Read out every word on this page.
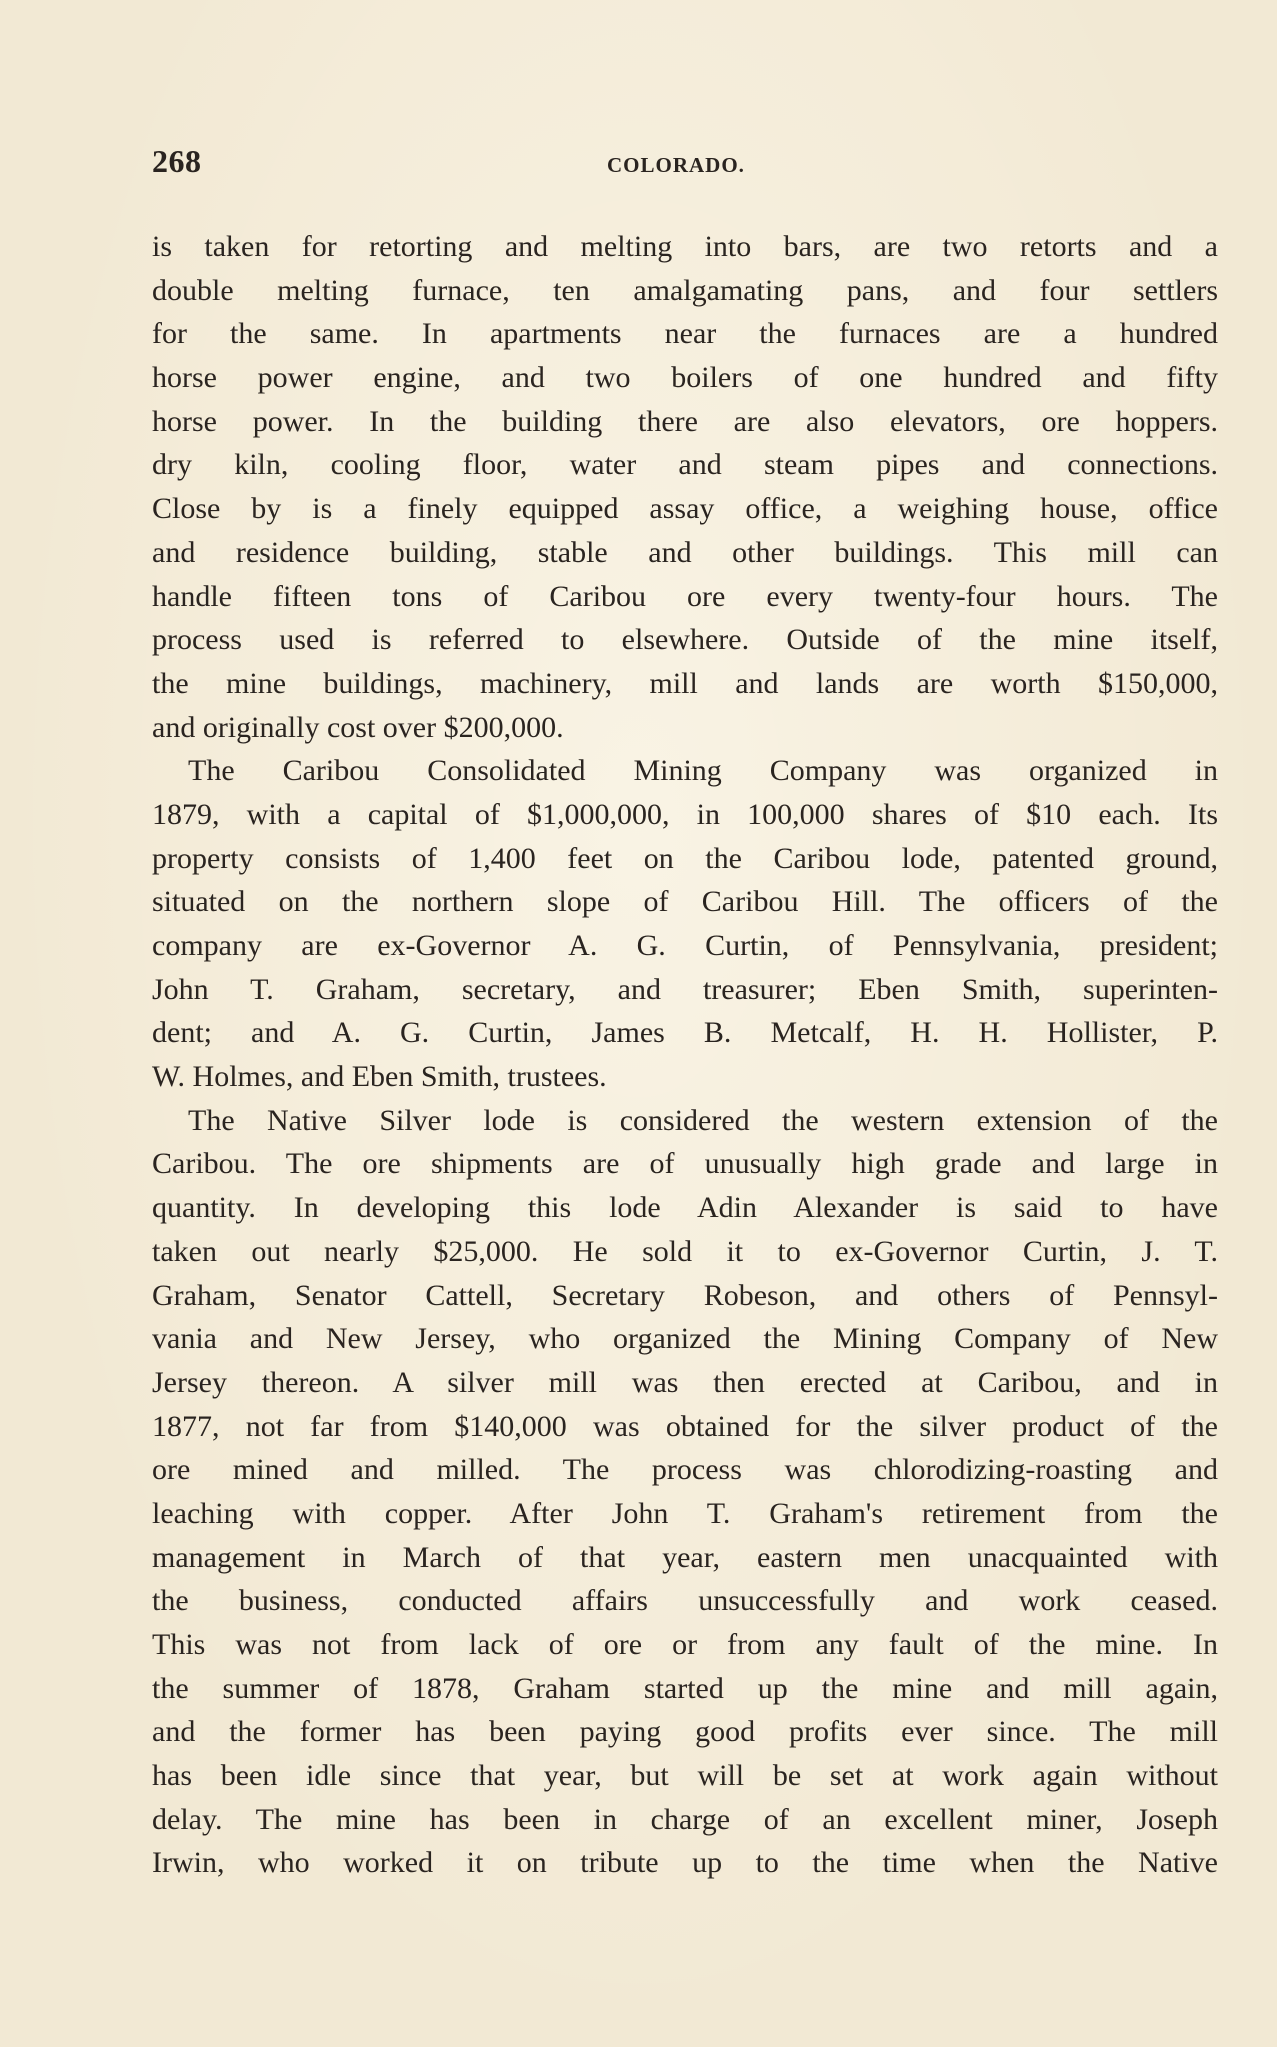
268	COLORADO.
is taken for retorting and melting into bars, are two retorts and a
double melting furnace, ten amalgamating pans, and four settlers
for the same. In apartments near the furnaces are a hundred
horse power engine, and two boilers of one hundred and fifty
horse power. In the building there are also elevators, ore hoppers.
dry kiln, cooling floor, water and steam pipes and connections.
Close by is a finely equipped assay office, a weighing house, office
and residence building, stable and other buildings. This mill can
handle fifteen tons of Caribou ore every twenty-four hours. The
process used is referred to elsewhere. Outside of the mine itself,
the mine buildings, machinery, mill and lands are worth $150,000,
and originally cost over $200,000.
The Caribou Consolidated Mining Company was organized in
1879, with a capital of $1,000,000, in 100,000 shares of $10 each. Its
property consists of 1,400 feet on the Caribou lode, patented ground,
situated on the northern slope of Caribou Hill. The officers of the
company are ex-Governor A. G. Curtin, of Pennsylvania, president;
John T. Graham, secretary, and treasurer; Eben Smith, superinten-
dent; and A. G. Curtin, James B. Metcalf, H. H. Hollister, P.
W. Holmes, and Eben Smith, trustees.
The Native Silver lode is considered the western extension of the
Caribou. The ore shipments are of unusually high grade and large in
quantity. In developing this lode Adin Alexander is said to have
taken out nearly $25,000. He sold it to ex-Governor Curtin, J. T.
Graham, Senator Cattell, Secretary Robeson, and others of Pennsyl-
vania and New Jersey, who organized the Mining Company of New
Jersey thereon. A silver mill was then erected at Caribou, and in
1877, not far from $140,000 was obtained for the silver product of the
ore mined and milled. The process was chlorodizing-roasting and
leaching with copper. After John T. Graham's retirement from the
management in March of that year, eastern men unacquainted with
the business, conducted affairs unsuccessfully and work ceased.
This was not from lack of ore or from any fault of the mine. In
the summer of 1878, Graham started up the mine and mill again,
and the former has been paying good profits ever since. The mill
has been idle since that year, but will be set at work again without
delay. The mine has been in charge of an excellent miner, Joseph
Irwin, who worked it on tribute up to the time when the Native
